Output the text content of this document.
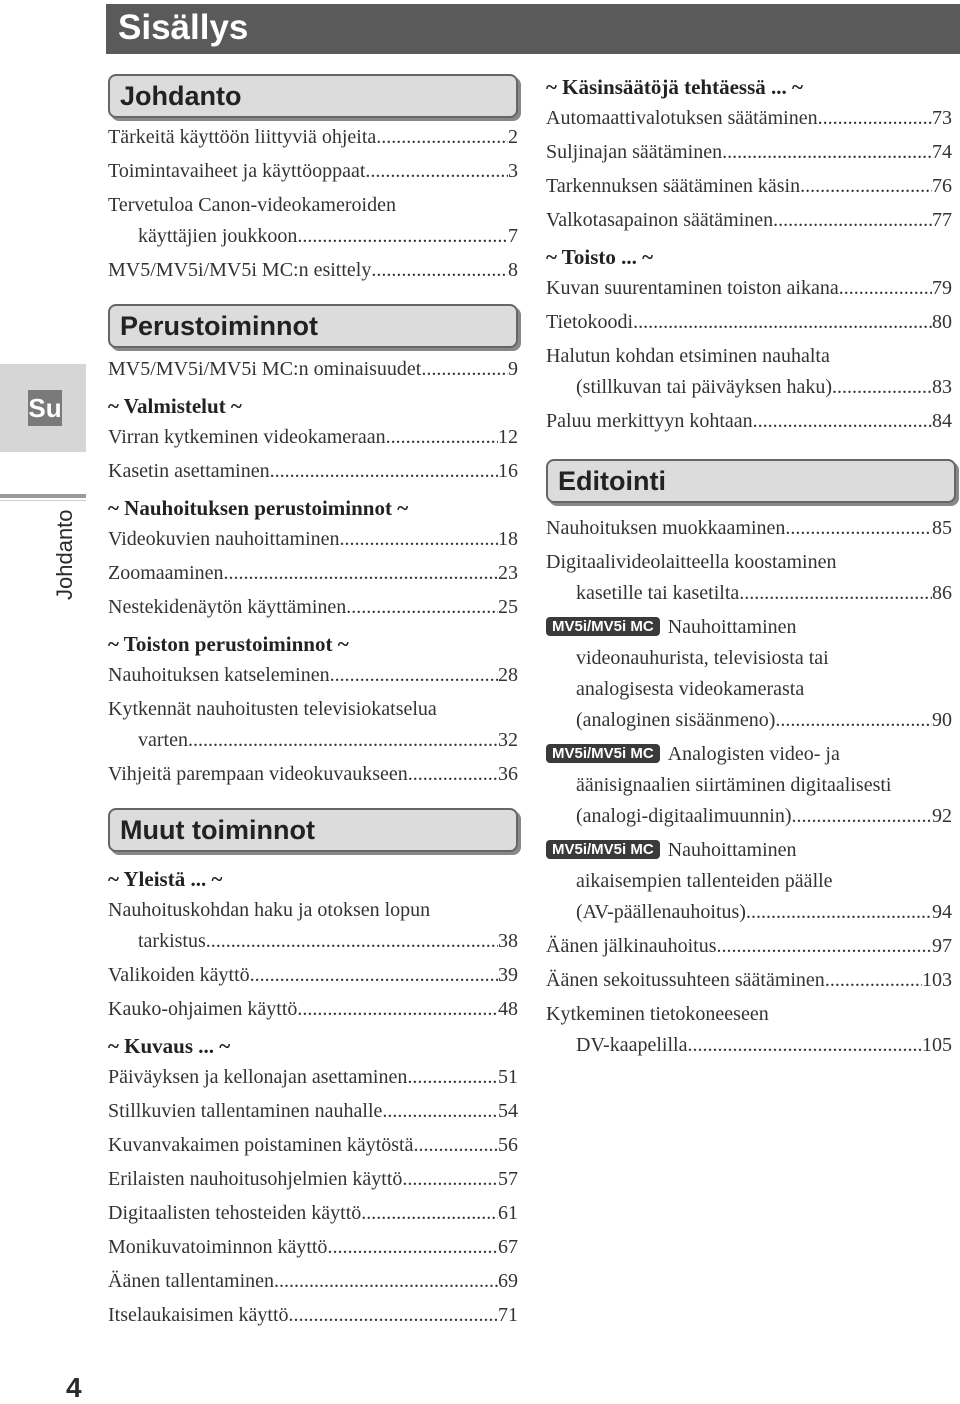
Sisällys
Su
Johdanto
4
Johdanto
Tärkeitä käyttöön liittyviä ohjeita .....	2
Toimintavaiheet ja käyttöoppaat .....	3
Tervetuloa Canon-videokameroiden
käyttäjien joukkoon .....	7
MV5/MV5i/MV5i MC:n esittely .....	8
Perustoiminnot
MV5/MV5i/MV5i MC:n ominaisuudet .....	9
~ Valmistelut ~
Virran kytkeminen videokameraan .....	12
Kasetin asettaminen .....	16
~ Nauhoituksen perustoiminnot ~
Videokuvien nauhoittaminen .....	18
Zoomaaminen .....	23
Nestekidenäytön käyttäminen .....	25
~ Toiston perustoiminnot ~
Nauhoituksen katseleminen .....	28
Kytkennät nauhoitusten televisiokatselua
varten .....	32
Vihjeitä parempaan videokuvaukseen .....	36
Muut toiminnot
~ Yleistä ... ~
Nauhoituskohdan haku ja otoksen lopun
tarkistus .....	38
Valikoiden käyttö .....	39
Kauko-ohjaimen käyttö .....	48
~ Kuvaus ... ~
Päiväyksen ja kellonajan asettaminen .....	51
Stillkuvien tallentaminen nauhalle .....	54
Kuvanvakaimen poistaminen käytöstä .....	56
Erilaisten nauhoitusohjelmien käyttö .....	57
Digitaalisten tehosteiden käyttö .....	61
Monikuvatoiminnon käyttö .....	67
Äänen tallentaminen .....	69
Itselaukaisimen käyttö .....	71
~ Käsinsäätöjä tehtäessä ... ~
Automaattivalotuksen säätäminen .....	73
Suljinajan säätäminen .....	74
Tarkennuksen säätäminen käsin .....	76
Valkotasapainon säätäminen .....	77
~ Toisto ... ~
Kuvan suurentaminen toiston aikana .....	79
Tietokoodi .....	80
Halutun kohdan etsiminen nauhalta
(stillkuvan tai päiväyksen haku) .....	83
Paluu merkittyyn kohtaan .....	84
Editointi
Nauhoituksen muokkaaminen .....	85
Digitaalivideolaitteella koostaminen
kasetille tai kasetilta .....	86
MV5i/MV5i MC Nauhoittaminen
videonauhurista, televisiosta tai
analogisesta videokamerasta
(analoginen sisäänmeno) .....	90
MV5i/MV5i MC Analogisten video- ja
äänisignaalien siirtäminen digitaalisesti
(analogi-digitaalimuunnin) .....	92
MV5i/MV5i MC Nauhoittaminen
aikaisempien tallenteiden päälle
(AV-päällenauhoitus) .....	94
Äänen jälkinauhoitus .....	97
Äänen sekoitussuhteen säätäminen .....	103
Kytkeminen tietokoneeseen
DV-kaapelilla .....	105
